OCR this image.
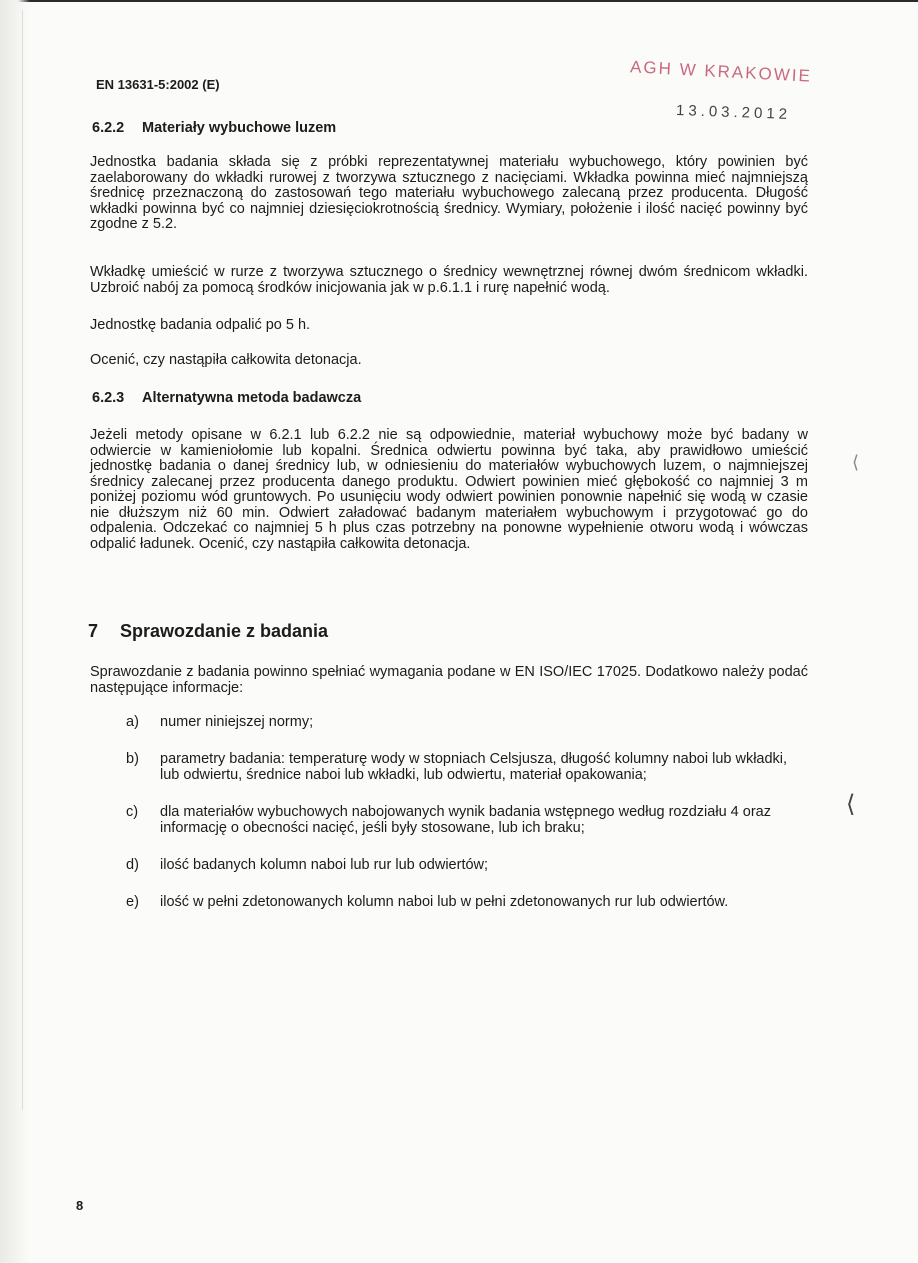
EN 13631-5:2002 (E)	AGH W KRAKOWIE
13.03.2012
6.2.2 Materiały wybuchowe luzem
Jednostka badania składa się z próbki reprezentatywnej materiału wybuchowego, który powinien być zaelaborowany do wkładki rurowej z tworzywa sztucznego z nacięciami. Wkładka powinna mieć najmniejszą średnicę przeznaczoną do zastosowań tego materiału wybuchowego zalecaną przez producenta. Długość wkładki powinna być co najmniej dziesięciokrotnością średnicy. Wymiary, położenie i ilość nacięć powinny być zgodne z 5.2.
Wkładkę umieścić w rurze z tworzywa sztucznego o średnicy wewnętrznej równej dwóm średnicom wkładki. Uzbroić nabój za pomocą środków inicjowania jak w p.6.1.1 i rurę napełnić wodą.
Jednostkę badania odpalić po 5 h.
Ocenić, czy nastąpiła całkowita detonacja.
6.2.3 Alternatywna metoda badawcza
Jeżeli metody opisane w 6.2.1 lub 6.2.2 nie są odpowiednie, materiał wybuchowy może być badany w odwiercie w kamieniołomie lub kopalni. Średnica odwiertu powinna być taka, aby prawidłowo umieścić jednostkę badania o danej średnicy lub, w odniesieniu do materiałów wybuchowych luzem, o najmniejszej średnicy zalecanej przez producenta danego produktu. Odwiert powinien mieć głębokość co najmniej 3 m poniżej poziomu wód gruntowych. Po usunięciu wody odwiert powinien ponownie napełnić się wodą w czasie nie dłuższym niż 60 min. Odwiert załadować badanym materiałem wybuchowym i przygotować go do odpalenia. Odczekać co najmniej 5 h plus czas potrzebny na ponowne wypełnienie otworu wodą i wówczas odpalić ładunek. Ocenić, czy nastąpiła całkowita detonacja.
7 Sprawozdanie z badania
Sprawozdanie z badania powinno spełniać wymagania podane w EN ISO/IEC 17025. Dodatkowo należy podać następujące informacje:
a)	numer niniejszej normy;
b)	parametry badania: temperaturę wody w stopniach Celsjusza, długość kolumny naboi lub wkładki, lub odwiertu, średnice naboi lub wkładki, lub odwiertu, materiał opakowania;
c)	dla materiałów wybuchowych nabojowanych wynik badania wstępnego według rozdziału 4 oraz informację o obecności nacięć, jeśli były stosowane, lub ich braku;
d)	ilość badanych kolumn naboi lub rur lub odwiertów;
e)	ilość w pełni zdetonowanych kolumn naboi lub w pełni zdetonowanych rur lub odwiertów.
⟨
⟨
8
